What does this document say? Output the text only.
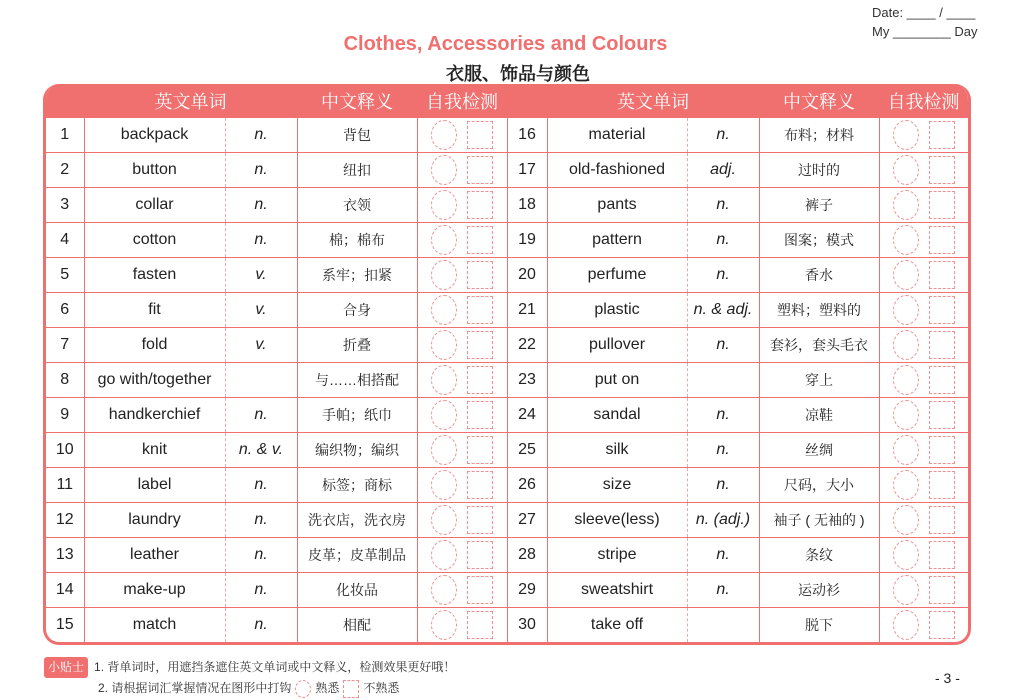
Date: ____ / ____
My ________ Day
Clothes, Accessories and Colours
衣服、饰品与颜色
	英文单词		中文释义	自我检测		英文单词		中文释义	自我检测
1	backpack	n.	背包		16	material	n.	布料；材料	
2	button	n.	纽扣		17	old-fashioned	adj.	过时的	
3	collar	n.	衣领		18	pants	n.	裤子	
4	cotton	n.	棉；棉布		19	pattern	n.	图案；模式	
5	fasten	v.	系牢；扣紧		20	perfume	n.	香水	
6	fit	v.	合身		21	plastic	n. & adj.	塑料；塑料的	
7	fold	v.	折叠		22	pullover	n.	套衫，套头毛衣	
8	go with/together		与……相搭配		23	put on		穿上	
9	handkerchief	n.	手帕；纸巾		24	sandal	n.	凉鞋	
10	knit	n. & v.	编织物；编织		25	silk	n.	丝绸	
11	label	n.	标签；商标		26	size	n.	尺码，大小	
12	laundry	n.	洗衣店，洗衣房		27	sleeve(less)	n. (adj.)	袖子 ( 无袖的 )	
13	leather	n.	皮革；皮革制品		28	stripe	n.	条纹	
14	make-up	n.	化妆品		29	sweatshirt	n.	运动衫	
15	match	n.	相配		30	take off		脱下	
小贴士 1. 背单词时，用遮挡条遮住英文单词或中文释义，检测效果更好哦！
2. 请根据词汇掌握情况在图形中打钩 熟悉 不熟悉
- 3 -
